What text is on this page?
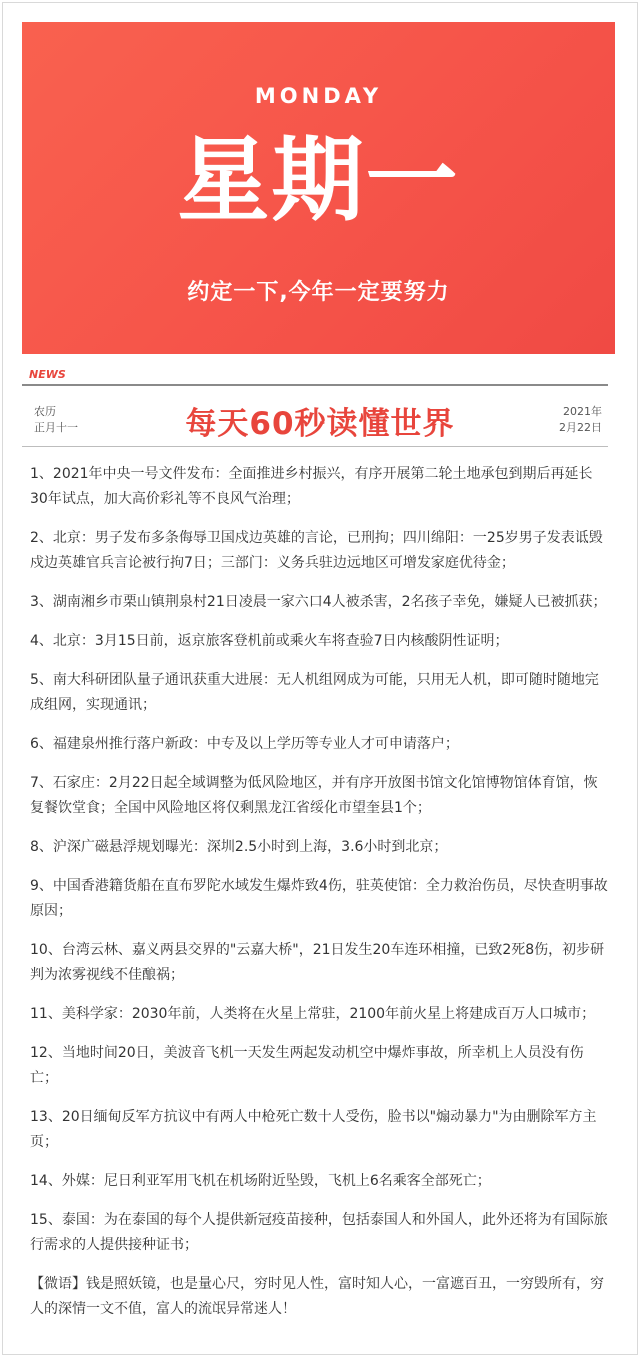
MONDAY
星期一
约定一下,今年一定要努力
NEWS
农历
正月十一	每天60秒读懂世界	2021年
2月22日

1、2021年中央一号文件发布：全面推进乡村振兴，有序开展第二轮土地承包到期后再延长30年试点，加大高价彩礼等不良风气治理；

2、北京：男子发布多条侮辱卫国戍边英雄的言论，已刑拘；四川绵阳：一25岁男子发表诋毁戍边英雄官兵言论被行拘7日；三部门：义务兵驻边远地区可增发家庭优待金；

3、湖南湘乡市栗山镇荆泉村21日凌晨一家六口4人被杀害，2名孩子幸免，嫌疑人已被抓获；

4、北京：3月15日前，返京旅客登机前或乘火车将查验7日内核酸阴性证明；

5、南大科研团队量子通讯获重大进展：无人机组网成为可能，只用无人机，即可随时随地完成组网，实现通讯；

6、福建泉州推行落户新政：中专及以上学历等专业人才可申请落户；

7、石家庄：2月22日起全域调整为低风险地区，并有序开放图书馆文化馆博物馆体育馆，恢复餐饮堂食；全国中风险地区将仅剩黑龙江省绥化市望奎县1个；

8、沪深广磁悬浮规划曝光：深圳2.5小时到上海，3.6小时到北京；

9、中国香港籍货船在直布罗陀水域发生爆炸致4伤，驻英使馆：全力救治伤员，尽快查明事故原因；

10、台湾云林、嘉义两县交界的"云嘉大桥"，21日发生20车连环相撞，已致2死8伤，初步研判为浓雾视线不佳酿祸；

11、美科学家：2030年前，人类将在火星上常驻，2100年前火星上将建成百万人口城市；

12、当地时间20日，美波音飞机一天发生两起发动机空中爆炸事故，所幸机上人员没有伤亡；

13、20日缅甸反军方抗议中有两人中枪死亡数十人受伤，脸书以"煽动暴力"为由删除军方主页；

14、外媒：尼日利亚军用飞机在机场附近坠毁，飞机上6名乘客全部死亡；

15、泰国：为在泰国的每个人提供新冠疫苗接种，包括泰国人和外国人，此外还将为有国际旅行需求的人提供接种证书；

【微语】钱是照妖镜，也是量心尺，穷时见人性，富时知人心，一富遮百丑，一穷毁所有，穷人的深情一文不值，富人的流氓异常迷人！
